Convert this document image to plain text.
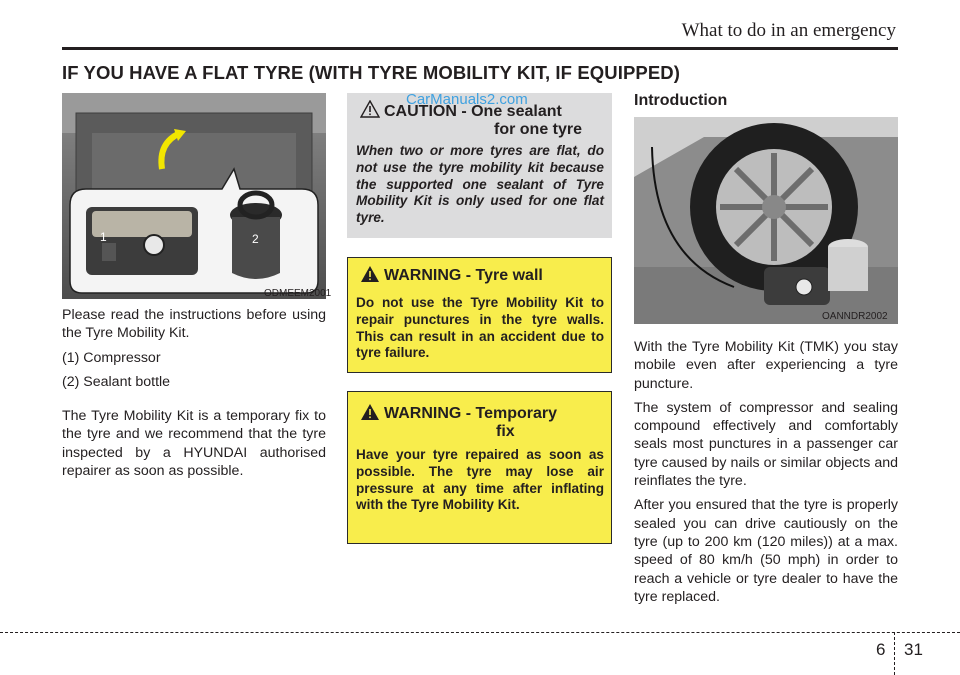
What to do in an emergency
IF YOU HAVE A FLAT TYRE (WITH TYRE MOBILITY KIT, IF EQUIPPED)
1	2
ODMEEM2001

Please read the instructions before using the Tyre Mobility Kit.

(1) Compressor

(2) Sealant bottle

The Tyre Mobility Kit is a temporary fix to the tyre and we recommend that the tyre inspected by a HYUNDAI authorised repairer as soon as possible.

CAUTION - One sealant
for one tyre
CarManuals2.com
When two or more tyres are flat, do not use the tyre mobility kit because the supported one sealant of Tyre Mobility Kit is only used for one flat tyre.
WARNING - Tyre wall
Do not use the Tyre Mobility Kit to repair punctures in the tyre walls. This can result in an accident due to tyre failure.
WARNING - Temporary
fix
Have your tyre repaired as soon as possible. The tyre may lose air pressure at any time after inflating with the Tyre Mobility Kit.
Introduction
OANNDR2002

With the Tyre Mobility Kit (TMK) you stay mobile even after experiencing a tyre puncture.

The system of compressor and sealing compound effectively and comfortably seals most punctures in a passenger car tyre caused by nails or similar objects and reinflates the tyre.

After you ensured that the tyre is properly sealed you can drive cautiously on the tyre (up to 200 km (120 miles)) at a max. speed of 80 km/h (50 mph) in order to reach a vehicle or tyre dealer to have the tyre replaced.

6 31
